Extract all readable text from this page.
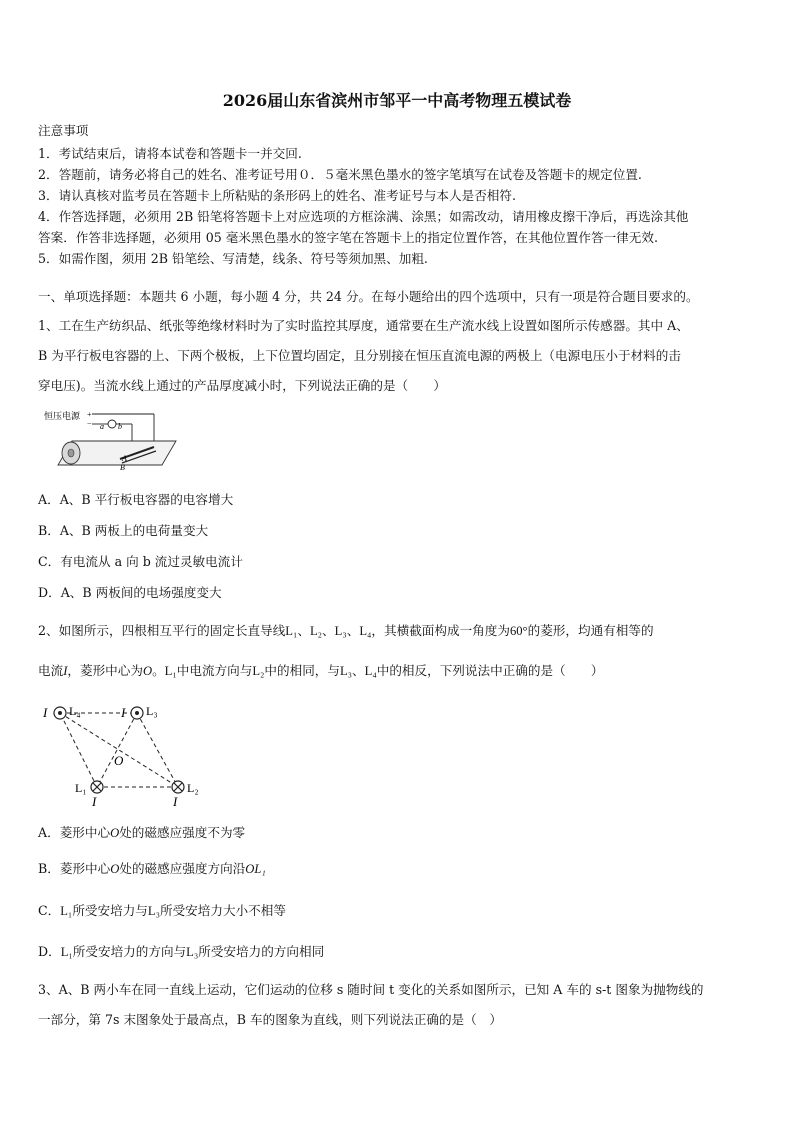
2026届山东省滨州市邹平一中高考物理五模试卷
注意事项
1．考试结束后，请将本试卷和答题卡一并交回.
2．答题前，请务必将自己的姓名、准考证号用０．５毫米黑色墨水的签字笔填写在试卷及答题卡的规定位置.
3．请认真核对监考员在答题卡上所粘贴的条形码上的姓名、准考证号与本人是否相符.
4．作答选择题，必须用 2B 铅笔将答题卡上对应选项的方框涂满、涂黑；如需改动，请用橡皮擦干净后，再选涂其他
答案．作答非选择题，必须用 05 毫米黑色墨水的签字笔在答题卡上的指定位置作答，在其他位置作答一律无效.
5．如需作图，须用 2B 铅笔绘、写清楚，线条、符号等须加黑、加粗.
一、单项选择题：本题共 6 小题，每小题 4 分，共 24 分。在每小题给出的四个选项中，只有一项是符合题目要求的。
1、工在生产纺织品、纸张等绝缘材料时为了实时监控其厚度，通常要在生产流水线上设置如图所示传感器。其中 A、
B 为平行板电容器的上、下两个极板，上下位置均固定，且分别接在恒压直流电源的两极上（电源电压小于材料的击
穿电压)。当流水线上通过的产品厚度减小时，下列说法正确的是（　　）
恒压电源 +
− a b
A
B
A．A、B 平行板电容器的电容增大
B．A、B 两板上的电荷量变大
C．有电流从 a 向 b 流过灵敏电流计
D．A、B 两板间的电场强度变大
2、如图所示，四根相互平行的固定长直导线L₁、L₂、L₃、L₄，其横截面构成一角度为60°的菱形，均通有相等的
电流I，菱形中心为O。L₁中电流方向与L₂中的相同，与L₃、L₄中的相反，下列说法中正确的是（　　）
I L₄	I L₃
O
L₁
I
L₂
I
A．菱形中心O处的磁感应强度不为零
B．菱形中心O处的磁感应强度方向沿OL₁
C．L₁所受安培力与L₃所受安培力大小不相等
D．L₁所受安培力的方向与L₃所受安培力的方向相同
3、A、B 两小车在同一直线上运动，它们运动的位移 s 随时间 t 变化的关系如图所示，已知 A 车的 s-t 图象为抛物线的
一部分，第 7s 末图象处于最高点，B 车的图象为直线，则下列说法正确的是（　）
